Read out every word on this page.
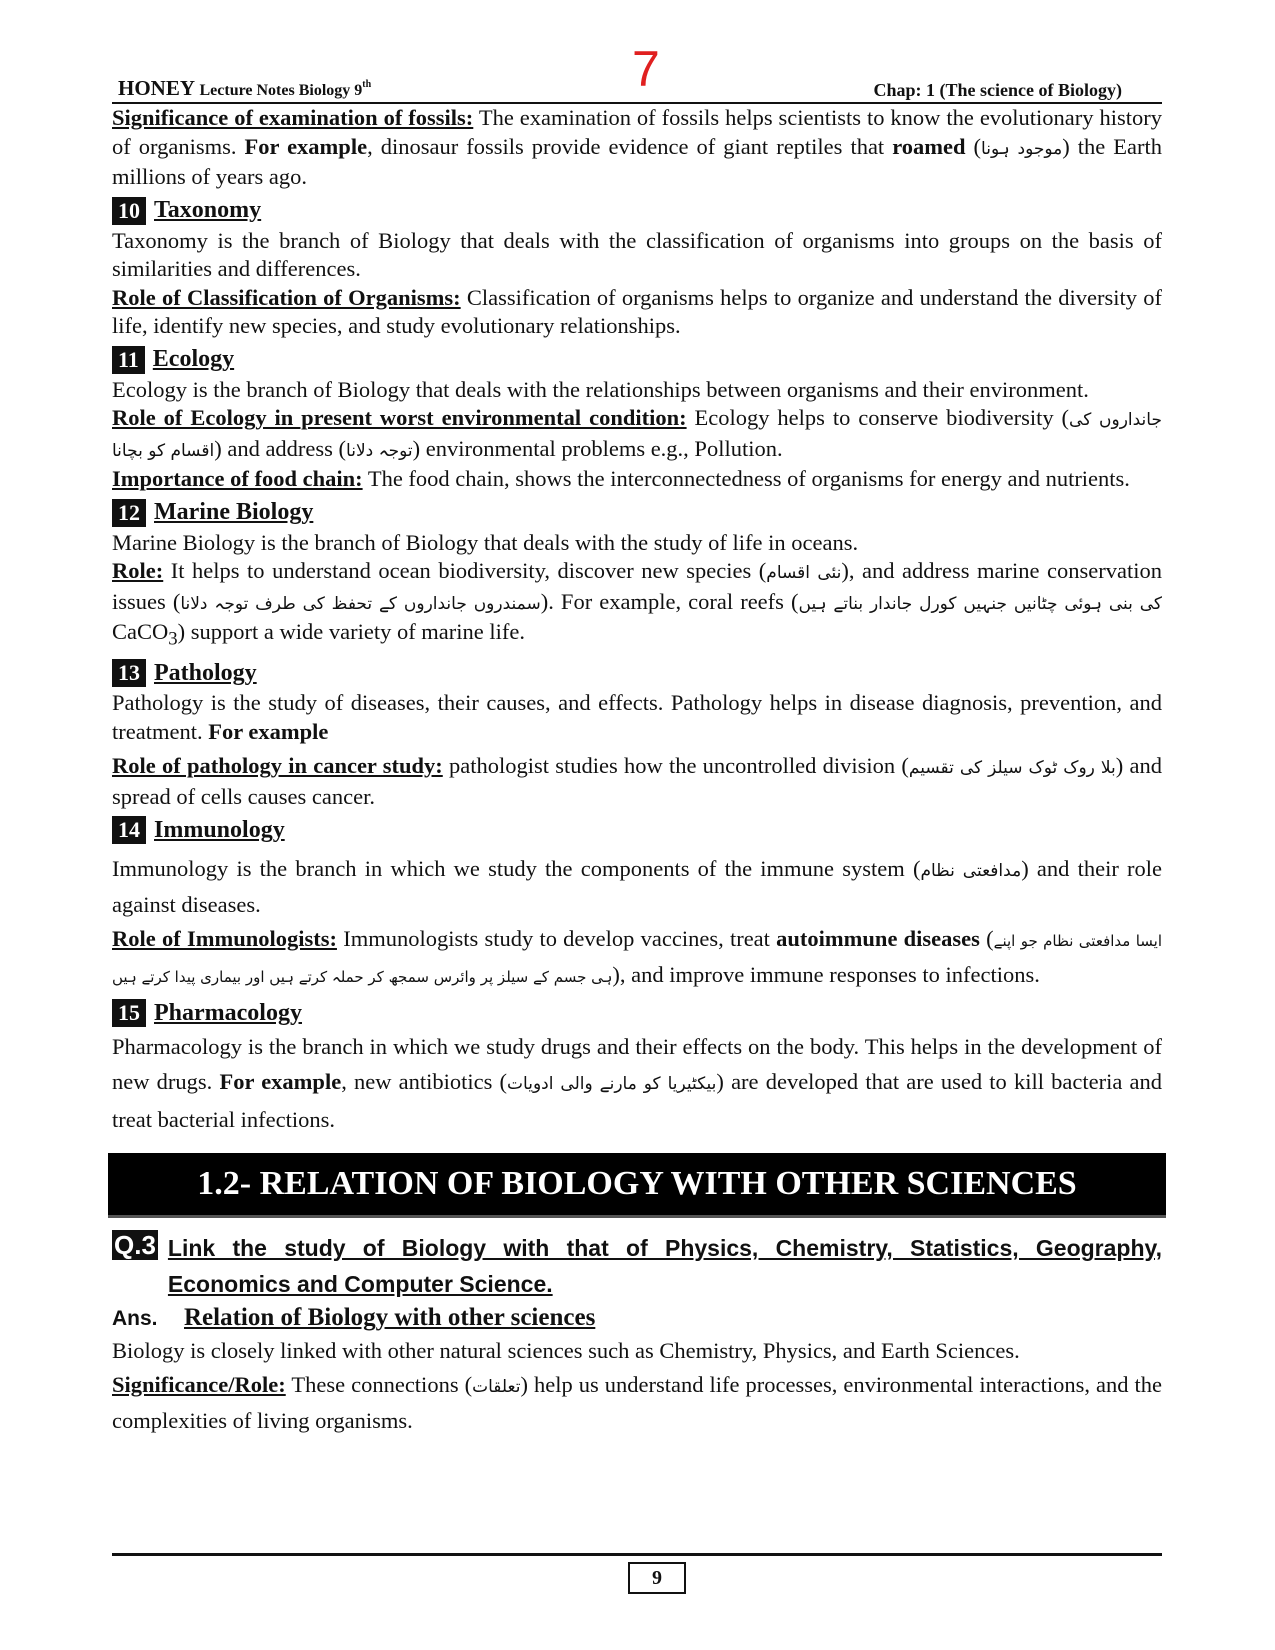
HONEY Lecture Notes Biology 9th	7	Chap: 1 (The science of Biology)

Significance of examination of fossils: The examination of fossils helps scientists to know the evolutionary history of organisms. For example, dinosaur fossils provide evidence of giant reptiles that roamed (موجود ہونا) the Earth millions of years ago.

10 Taxonomy

Taxonomy is the branch of Biology that deals with the classification of organisms into groups on the basis of similarities and differences.

Role of Classification of Organisms: Classification of organisms helps to organize and understand the diversity of life, identify new species, and study evolutionary relationships.

11 Ecology

Ecology is the branch of Biology that deals with the relationships between organisms and their environment.

Role of Ecology in present worst environmental condition: Ecology helps to conserve biodiversity (جانداروں کی اقسام کو بچانا) and address (توجہ دلانا) environmental problems e.g., Pollution.

Importance of food chain: The food chain, shows the interconnectedness of organisms for energy and nutrients.

12 Marine Biology

Marine Biology is the branch of Biology that deals with the study of life in oceans.

Role: It helps to understand ocean biodiversity, discover new species (نئی اقسام), and address marine conservation issues (سمندروں جانداروں کے تحفظ کی طرف توجہ دلانا). For example, coral reefs (کی بنی ہوئی چٹانیں جنہیں کورل جاندار بناتے ہیں CaCO$_3$) support a wide variety of marine life.

13 Pathology

Pathology is the study of diseases, their causes, and effects. Pathology helps in disease diagnosis, prevention, and treatment. For example

Role of pathology in cancer study: pathologist studies how the uncontrolled division (بلا روک ٹوک سیلز کی تقسیم) and spread of cells causes cancer.

14 Immunology

Immunology is the branch in which we study the components of the immune system (مدافعتی نظام) and their role against diseases.

Role of Immunologists: Immunologists study to develop vaccines, treat autoimmune diseases (ایسا مدافعتی نظام جو اپنے ہی جسم کے سیلز پر وائرس سمجھ کر حملہ کرتے ہیں اور بیماری پیدا کرتے ہیں), and improve immune responses to infections.

15 Pharmacology

Pharmacology is the branch in which we study drugs and their effects on the body. This helps in the development of new drugs. For example, new antibiotics (بیکٹیریا کو مارنے والی ادویات) are developed that are used to kill bacteria and treat bacterial infections.

1.2- RELATION OF BIOLOGY WITH OTHER SCIENCES
Q.3 Link the study of Biology with that of Physics, Chemistry, Statistics, Geography, Economics and Computer Science.
Ans.	Relation of Biology with other sciences

Biology is closely linked with other natural sciences such as Chemistry, Physics, and Earth Sciences.

Significance/Role: These connections (تعلقات) help us understand life processes, environmental interactions, and the complexities of living organisms.

9
